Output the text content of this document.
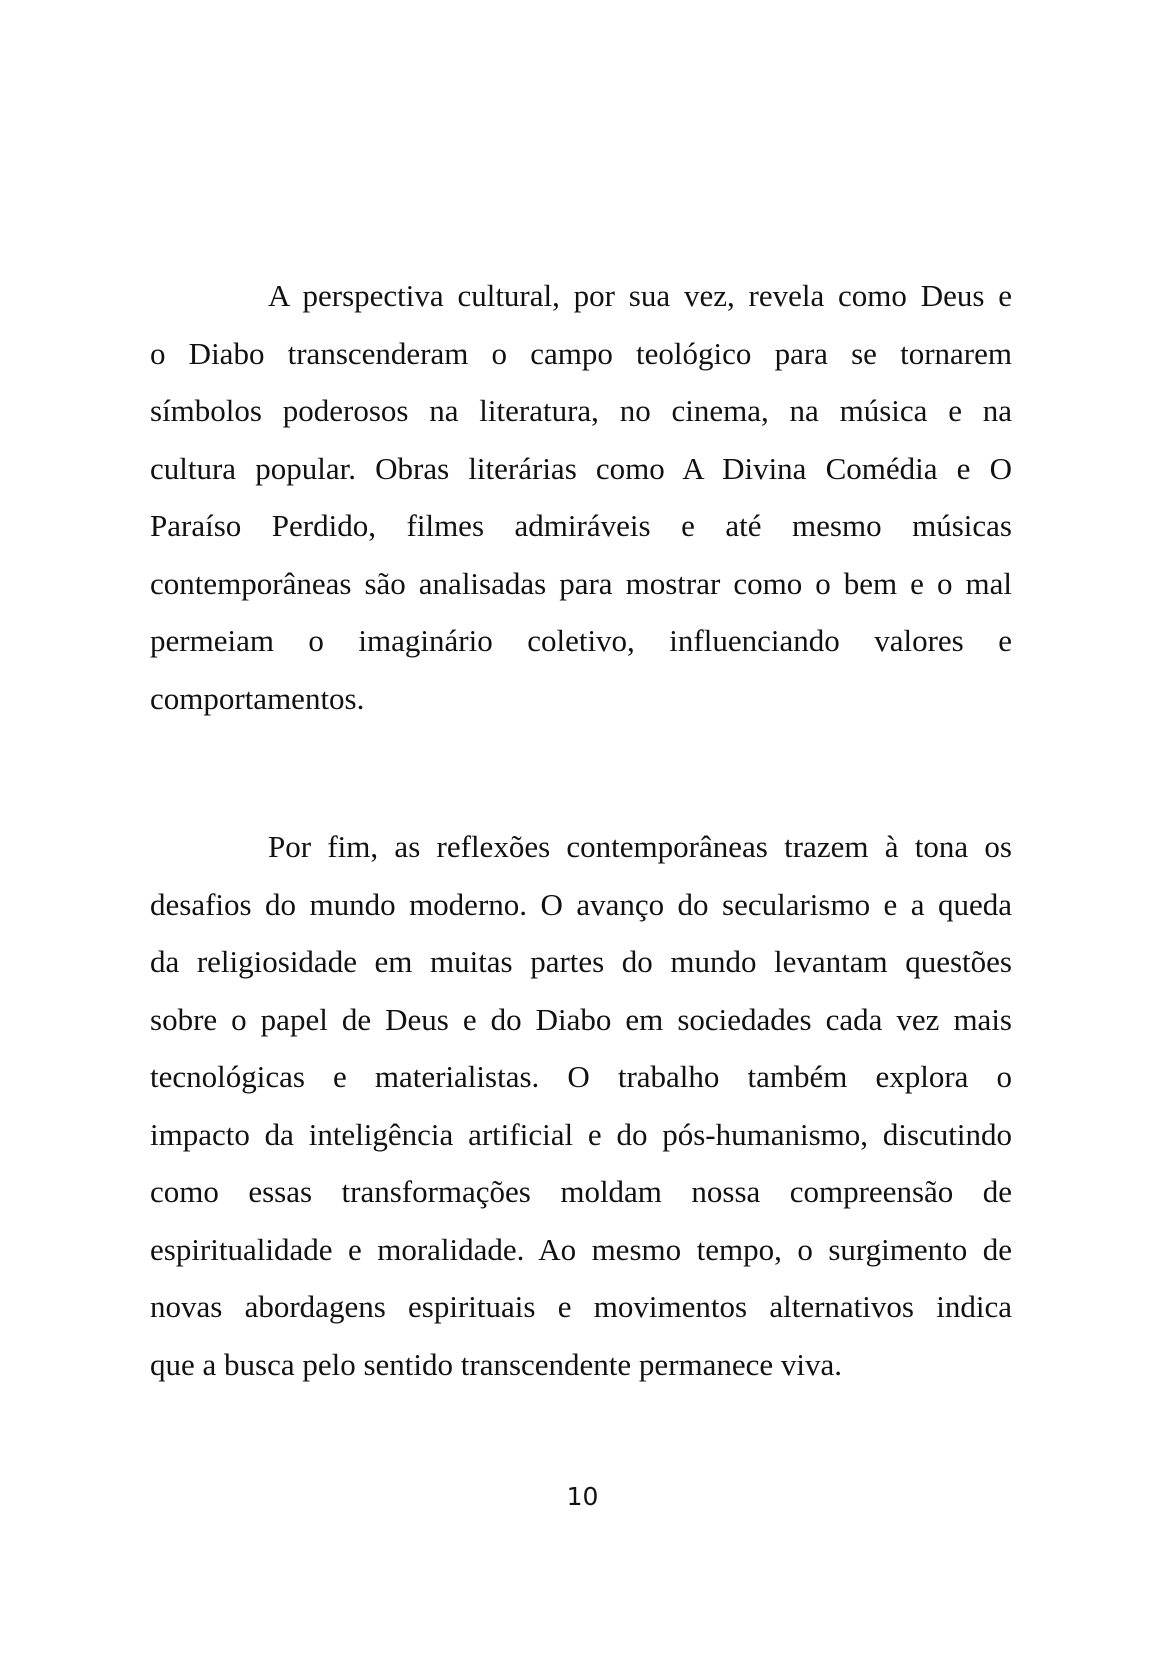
A perspectiva cultural, por sua vez, revela como Deus e
o Diabo transcenderam o campo teológico para se tornarem
símbolos poderosos na literatura, no cinema, na música e na
cultura popular. Obras literárias como A Divina Comédia e O
Paraíso Perdido, filmes admiráveis e até mesmo músicas
contemporâneas são analisadas para mostrar como o bem e o mal
permeiam o imaginário coletivo, influenciando valores e
comportamentos.
Por fim, as reflexões contemporâneas trazem à tona os
desafios do mundo moderno. O avanço do secularismo e a queda
da religiosidade em muitas partes do mundo levantam questões
sobre o papel de Deus e do Diabo em sociedades cada vez mais
tecnológicas e materialistas. O trabalho também explora o
impacto da inteligência artificial e do pós-humanismo, discutindo
como essas transformações moldam nossa compreensão de
espiritualidade e moralidade. Ao mesmo tempo, o surgimento de
novas abordagens espirituais e movimentos alternativos indica
que a busca pelo sentido transcendente permanece viva.
10
